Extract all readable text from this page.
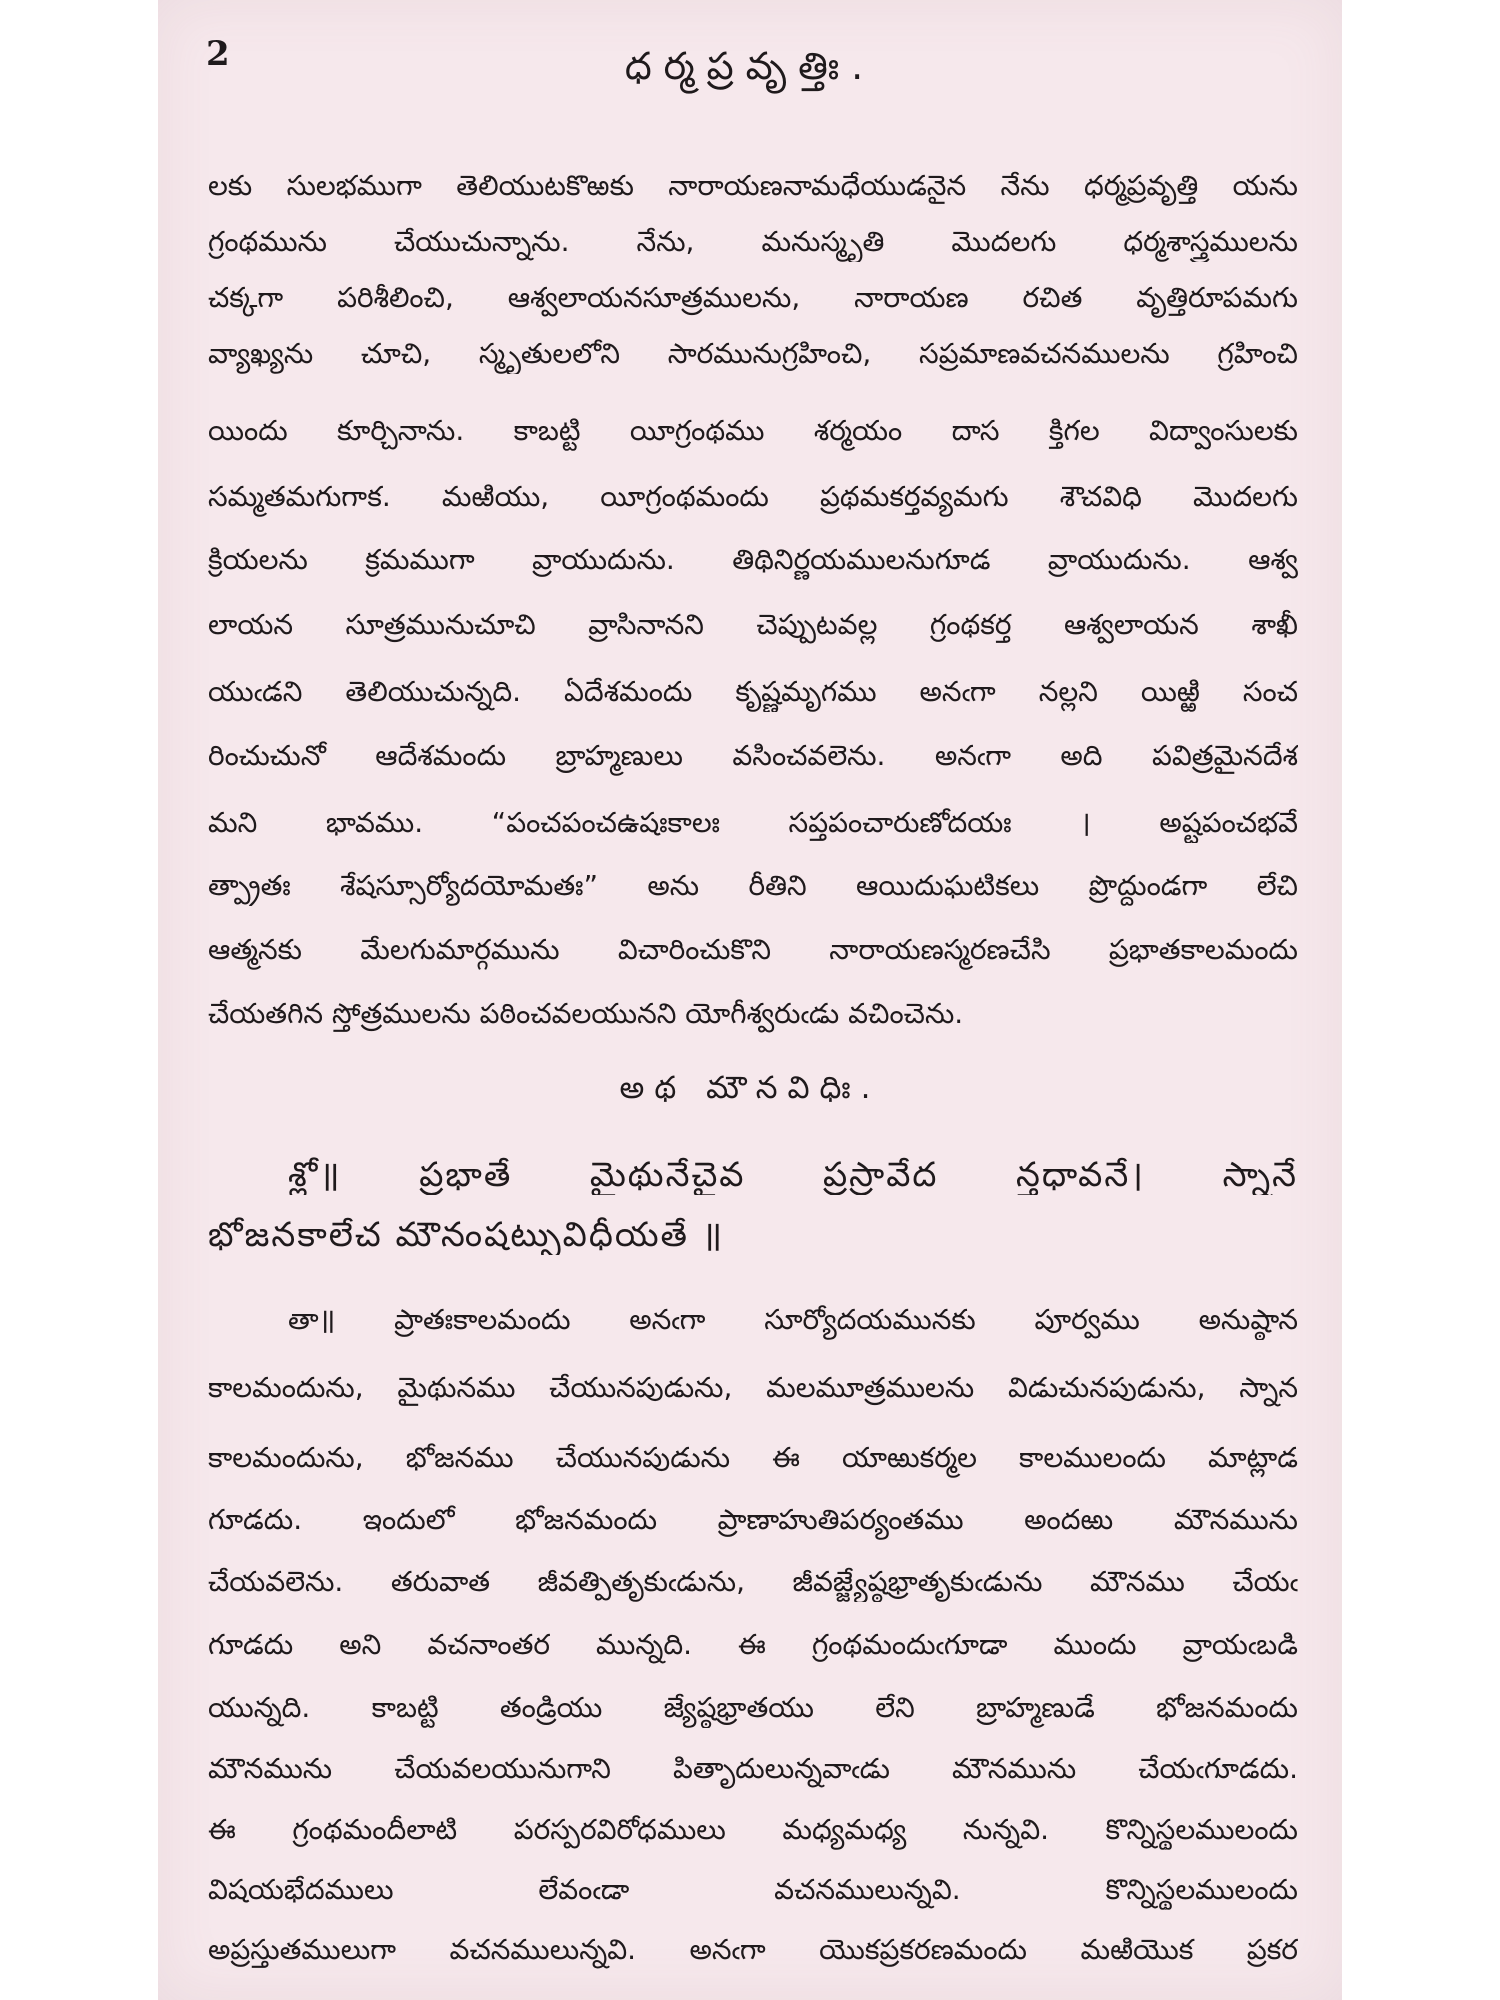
2	ధర్మప్రవృత్తిః.
లకు సులభముగా తెలియుటకొఱకు నారాయణనామధేయుడనైన నేను ధర్మప్రవృత్తి యను
గ్రంథమును చేయుచున్నాను. నేను, మనుస్మృతి మొదలగు ధర్మశాస్త్రములను
చక్కగా పరిశీలించి, ఆశ్వలాయనసూత్రములను, నారాయణ రచిత వృత్తిరూపమగు
వ్యాఖ్యను చూచి, స్మృతులలోని సారమునుగ్రహించి, సప్రమాణవచనములను గ్రహించి
యిందు కూర్చినాను. కాబట్టి యీగ్రంథము శర్మయం దాస క్తిగల విద్వాంసులకు
సమ్మతమగుగాక. మఱియు, యీగ్రంథమందు ప్రథమకర్తవ్యమగు శౌచవిధి మొదలగు
క్రియలను క్రమముగా వ్రాయుదును. తిథినిర్ణయములనుగూడ వ్రాయుదును. ఆశ్వ
లాయన సూత్రమునుచూచి వ్రాసినానని చెప్పుటవల్ల గ్రంథకర్త ఆశ్వలాయన శాఖీ
యుఁడని తెలియుచున్నది. ఏదేశమందు కృష్ణమృగము అనఁగా నల్లని యిఱ్ఱి సంచ
రించుచునో ఆదేశమందు బ్రాహ్మణులు వసించవలెను. అనఁగా అది పవిత్రమైనదేశ
మని భావము. “పంచపంచఉషఃకాలః సప్తపంచారుణోదయః । అష్టపంచభవే
త్ప్రాతః శేషస్సూర్యోదయోమతః” అను రీతిని ఆయిదుఘటికలు ప్రొద్దుండగా లేచి
ఆత్మనకు మేలగుమార్గమును విచారించుకొని నారాయణస్మరణచేసి ప్రభాతకాలమందు
చేయతగిన స్తోత్రములను పఠించవలయునని యోగీశ్వరుఁడు వచించెను.
అథ మౌనవిధిః.
శ్లో॥ ప్రభాతే మైథునేచైవ ప్రస్రావేద న్తధావనే। స్నానే
భోజనకాలేచ మౌనంషట్సువిధీయతే ॥
తా॥ ప్రాతఃకాలమందు అనఁగా సూర్యోదయమునకు పూర్వము అనుష్ఠాన
కాలమందును, మైథునము చేయునపుడును, మలమూత్రములను విడుచునపుడును, స్నాన
కాలమందును, భోజనము చేయునపుడును ఈ యాఱుకర్మల కాలములందు మాట్లాడ
గూడదు. ఇందులో భోజనమందు ప్రాణాహుతిపర్యంతము అందఱు మౌనమును
చేయవలెను. తరువాత జీవత్పితృకుఁడును, జీవజ్జ్యేష్ఠభ్రాతృకుఁడును మౌనము చేయఁ
గూడదు అని వచనాంతర మున్నది. ఈ గ్రంథమందుఁగూడా ముందు వ్రాయఁబడి
యున్నది. కాబట్టి తండ్రియు జ్యేష్ఠభ్రాతయు లేని బ్రాహ్మణుడే భోజనమందు
మౌనమును చేయవలయునుగాని పితృాదులున్నవాఁడు మౌనమును చేయఁగూడదు.
ఈ గ్రంథమందీలాటి పరస్పరవిరోధములు మధ్యమధ్య నున్నవి. కొన్నిస్థలములందు
విషయభేదములు లేవంఁడా వచనములున్నవి. కొన్నిస్థలములందు
అప్రస్తుతములుగా వచనములున్నవి. అనఁగా యొకప్రకరణమందు మఱియొక ప్రకర
